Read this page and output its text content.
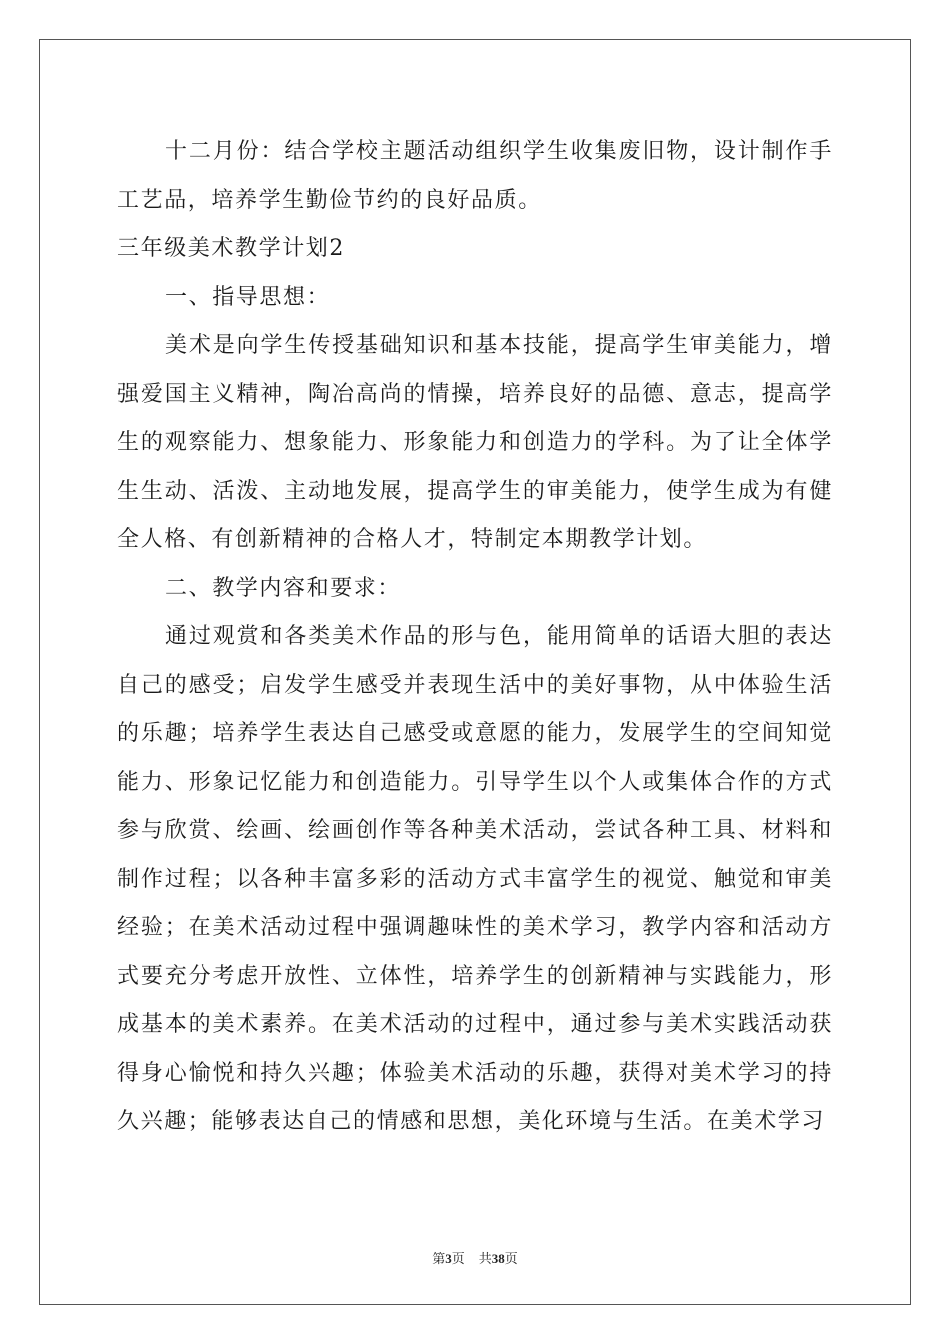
十二月份：结合学校主题活动组织学生收集废旧物，设计制作手工艺品，培养学生勤俭节约的良好品质。

三年级美术教学计划2

一、指导思想：

美术是向学生传授基础知识和基本技能，提高学生审美能力，增强爱国主义精神，陶冶高尚的情操，培养良好的品德、意志，提高学生的观察能力、想象能力、形象能力和创造力的学科。为了让全体学生生动、活泼、主动地发展，提高学生的审美能力，使学生成为有健全人格、有创新精神的合格人才，特制定本期教学计划。

二、教学内容和要求：

通过观赏和各类美术作品的形与色，能用简单的话语大胆的表达自己的感受；启发学生感受并表现生活中的美好事物，从中体验生活的乐趣；培养学生表达自己感受或意愿的能力，发展学生的空间知觉能力、形象记忆能力和创造能力。引导学生以个人或集体合作的方式参与欣赏、绘画、绘画创作等各种美术活动，尝试各种工具、材料和制作过程；以各种丰富多彩的活动方式丰富学生的视觉、触觉和审美经验；在美术活动过程中强调趣味性的美术学习，教学内容和活动方式要充分考虑开放性、立体性，培养学生的创新精神与实践能力，形成基本的美术素养。在美术活动的过程中，通过参与美术实践活动获得身心愉悦和持久兴趣；体验美术活动的乐趣，获得对美术学习的持久兴趣；能够表达自己的情感和思想，美化环境与生活。在美术学习

第3页 共38页
